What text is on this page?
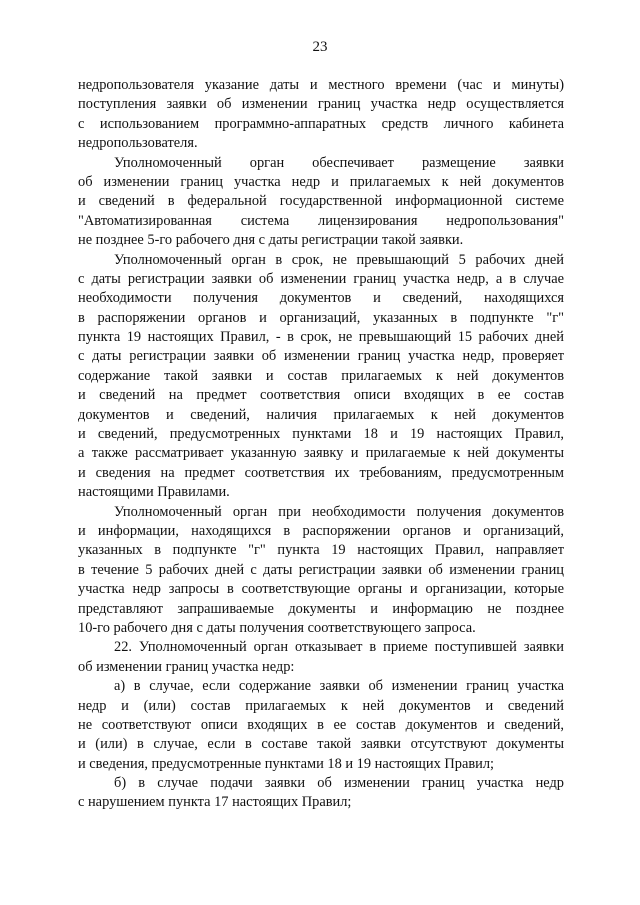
23
недропользователя указание даты и местного времени (час и минуты)
поступления заявки об изменении границ участка недр осуществляется
с использованием программно-аппаратных средств личного кабинета
недропользователя.
Уполномоченный орган обеспечивает размещение заявки
об изменении границ участка недр и прилагаемых к ней документов
и сведений в федеральной государственной информационной системе
"Автоматизированная система лицензирования недропользования"
не позднее 5-го рабочего дня с даты регистрации такой заявки.
Уполномоченный орган в срок, не превышающий 5 рабочих дней
с даты регистрации заявки об изменении границ участка недр, а в случае
необходимости получения документов и сведений, находящихся
в распоряжении органов и организаций, указанных в подпункте "г"
пункта 19 настоящих Правил, - в срок, не превышающий 15 рабочих дней
с даты регистрации заявки об изменении границ участка недр, проверяет
содержание такой заявки и состав прилагаемых к ней документов
и сведений на предмет соответствия описи входящих в ее состав
документов и сведений, наличия прилагаемых к ней документов
и сведений, предусмотренных пунктами 18 и 19 настоящих Правил,
а также рассматривает указанную заявку и прилагаемые к ней документы
и сведения на предмет соответствия их требованиям, предусмотренным
настоящими Правилами.
Уполномоченный орган при необходимости получения документов
и информации, находящихся в распоряжении органов и организаций,
указанных в подпункте "г" пункта 19 настоящих Правил, направляет
в течение 5 рабочих дней с даты регистрации заявки об изменении границ
участка недр запросы в соответствующие органы и организации, которые
представляют запрашиваемые документы и информацию не позднее
10-го рабочего дня с даты получения соответствующего запроса.
22. Уполномоченный орган отказывает в приеме поступившей заявки
об изменении границ участка недр:
а) в случае, если содержание заявки об изменении границ участка
недр и (или) состав прилагаемых к ней документов и сведений
не соответствуют описи входящих в ее состав документов и сведений,
и (или) в случае, если в составе такой заявки отсутствуют документы
и сведения, предусмотренные пунктами 18 и 19 настоящих Правил;
б) в случае подачи заявки об изменении границ участка недр
с нарушением пункта 17 настоящих Правил;
